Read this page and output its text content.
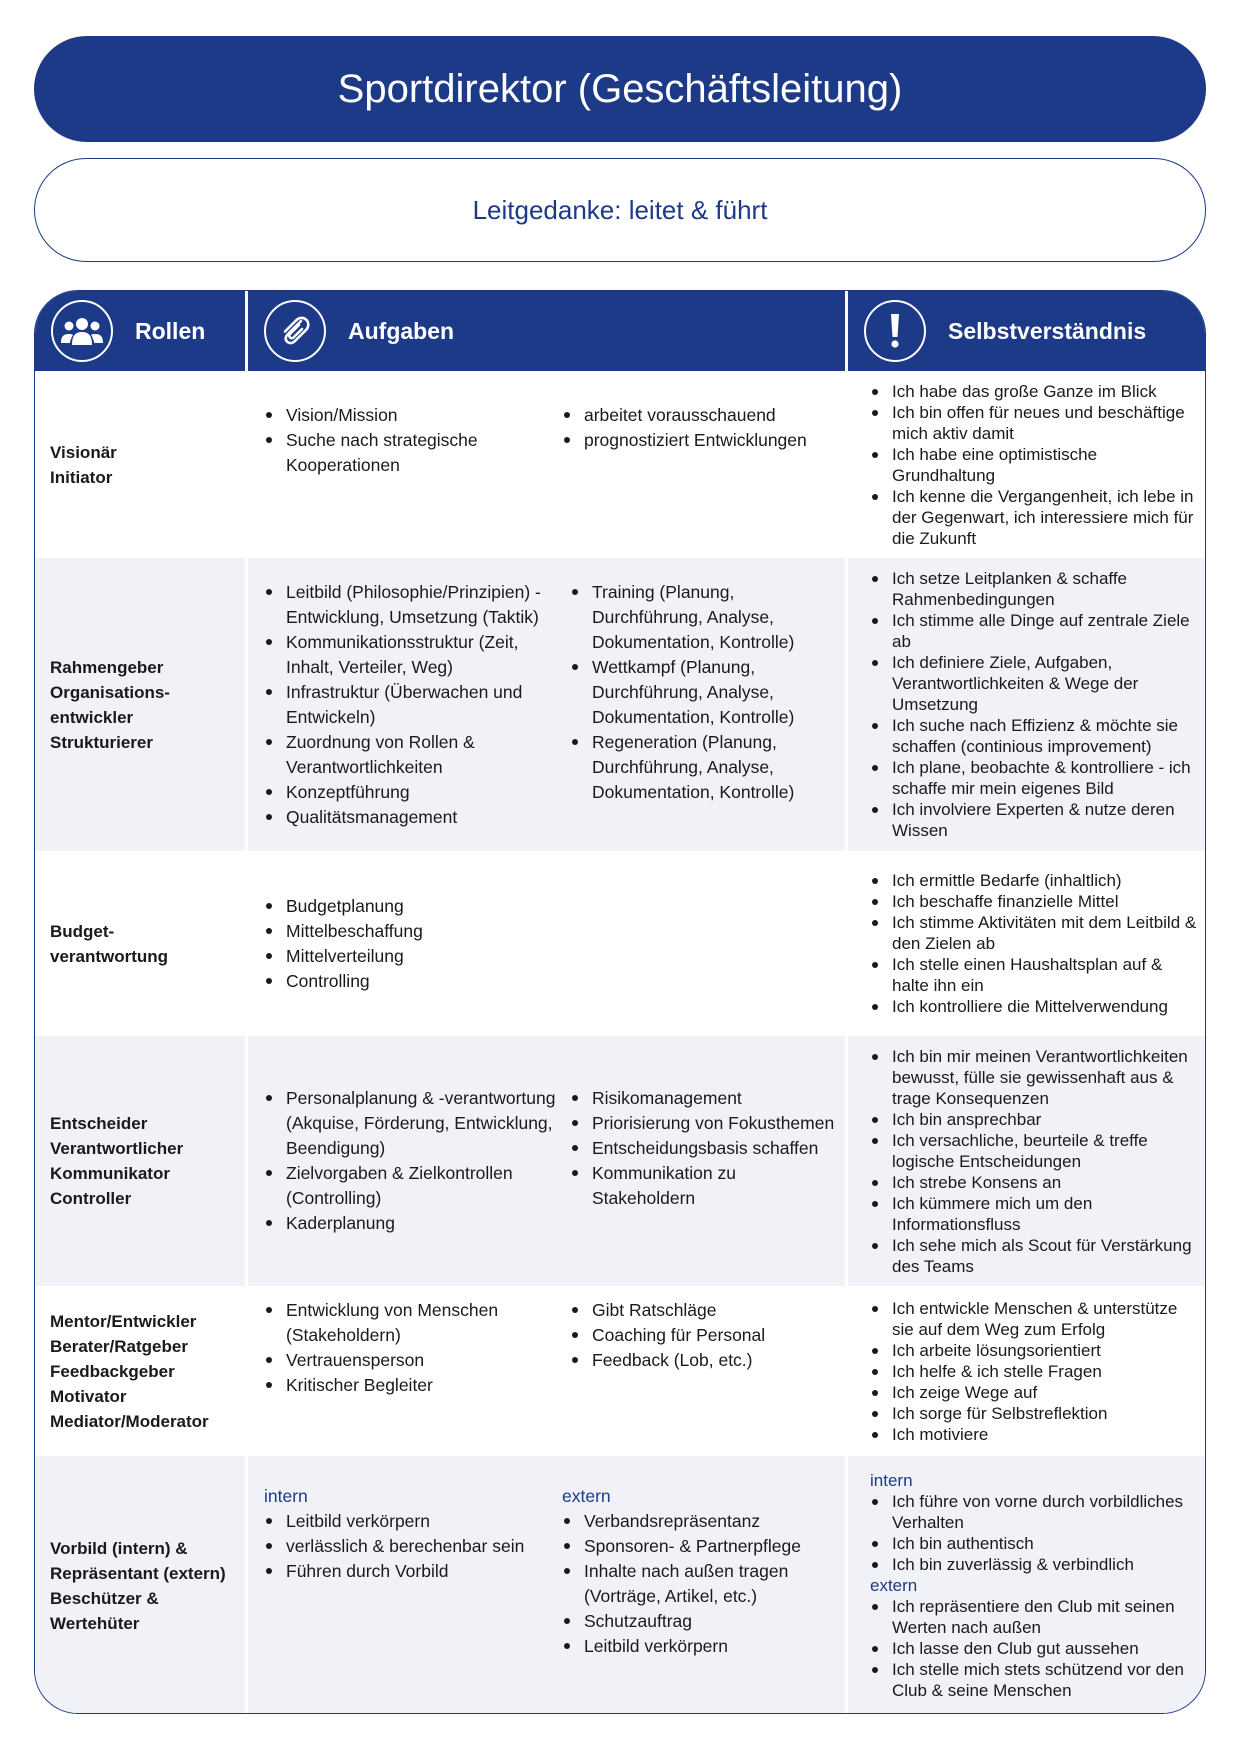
Sportdirektor (Geschäftsleitung)
Leitgedanke: leitet & führt
Rollen	Aufgaben	Selbstverständnis
Visionär
Initiator
Vision/Mission
Suche nach strategische Kooperationen
arbeitet vorausschauend
prognostiziert Entwicklungen
Ich habe das große Ganze im Blick
Ich bin offen für neues und beschäftige mich aktiv damit
Ich habe eine optimistische Grundhaltung
Ich kenne die Vergangenheit, ich lebe in der Gegenwart, ich interessiere mich für die Zukunft
Rahmengeber
Organisations-
entwickler
Strukturierer
Leitbild (Philosophie/Prinzipien) - Entwicklung, Umsetzung (Taktik)
Kommunikationsstruktur (Zeit, Inhalt, Verteiler, Weg)
Infrastruktur (Überwachen und Entwickeln)
Zuordnung von Rollen & Verantwortlichkeiten
Konzeptführung
Qualitätsmanagement
Training (Planung, Durchführung, Analyse, Dokumentation, Kontrolle)
Wettkampf (Planung, Durchführung, Analyse, Dokumentation, Kontrolle)
Regeneration (Planung, Durchführung, Analyse, Dokumentation, Kontrolle)
Ich setze Leitplanken & schaffe Rahmenbedingungen
Ich stimme alle Dinge auf zentrale Ziele ab
Ich definiere Ziele, Aufgaben, Verantwortlichkeiten & Wege der Umsetzung
Ich suche nach Effizienz & möchte sie schaffen (continious improvement)
Ich plane, beobachte & kontrolliere - ich schaffe mir mein eigenes Bild
Ich involviere Experten & nutze deren Wissen
Budget-
verantwortung
Budgetplanung
Mittelbeschaffung
Mittelverteilung
Controlling
Ich ermittle Bedarfe (inhaltlich)
Ich beschaffe finanzielle Mittel
Ich stimme Aktivitäten mit dem Leitbild & den Zielen ab
Ich stelle einen Haushaltsplan auf & halte ihn ein
Ich kontrolliere die Mittelverwendung
Entscheider
Verantwortlicher
Kommunikator
Controller
Personalplanung & -verantwortung (Akquise, Förderung, Entwicklung, Beendigung)
Zielvorgaben & Zielkontrollen (Controlling)
Kaderplanung
Risikomanagement
Priorisierung von Fokusthemen
Entscheidungsbasis schaffen
Kommunikation zu Stakeholdern
Ich bin mir meinen Verantwortlichkeiten bewusst, fülle sie gewissenhaft aus & trage Konsequenzen
Ich bin ansprechbar
Ich versachliche, beurteile & treffe logische Entscheidungen
Ich strebe Konsens an
Ich kümmere mich um den Informationsfluss
Ich sehe mich als Scout für Verstärkung des Teams
Mentor/Entwickler
Berater/Ratgeber
Feedbackgeber
Motivator
Mediator/Moderator
Entwicklung von Menschen (Stakeholdern)
Vertrauensperson
Kritischer Begleiter
Gibt Ratschläge
Coaching für Personal
Feedback (Lob, etc.)
Ich entwickle Menschen & unterstütze sie auf dem Weg zum Erfolg
Ich arbeite lösungsorientiert
Ich helfe & ich stelle Fragen
Ich zeige Wege auf
Ich sorge für Selbstreflektion
Ich motiviere
Vorbild (intern) &
Repräsentant (extern)
Beschützer &
Wertehüter
intern
Leitbild verkörpern
verlässlich & berechenbar sein
Führen durch Vorbild
extern
Verbandsrepräsentanz
Sponsoren- & Partnerpflege
Inhalte nach außen tragen (Vorträge, Artikel, etc.)
Schutzauftrag
Leitbild verkörpern
intern
Ich führe von vorne durch vorbildliches Verhalten
Ich bin authentisch
Ich bin zuverlässig & verbindlich
extern
Ich repräsentiere den Club mit seinen Werten nach außen
Ich lasse den Club gut aussehen
Ich stelle mich stets schützend vor den Club & seine Menschen
